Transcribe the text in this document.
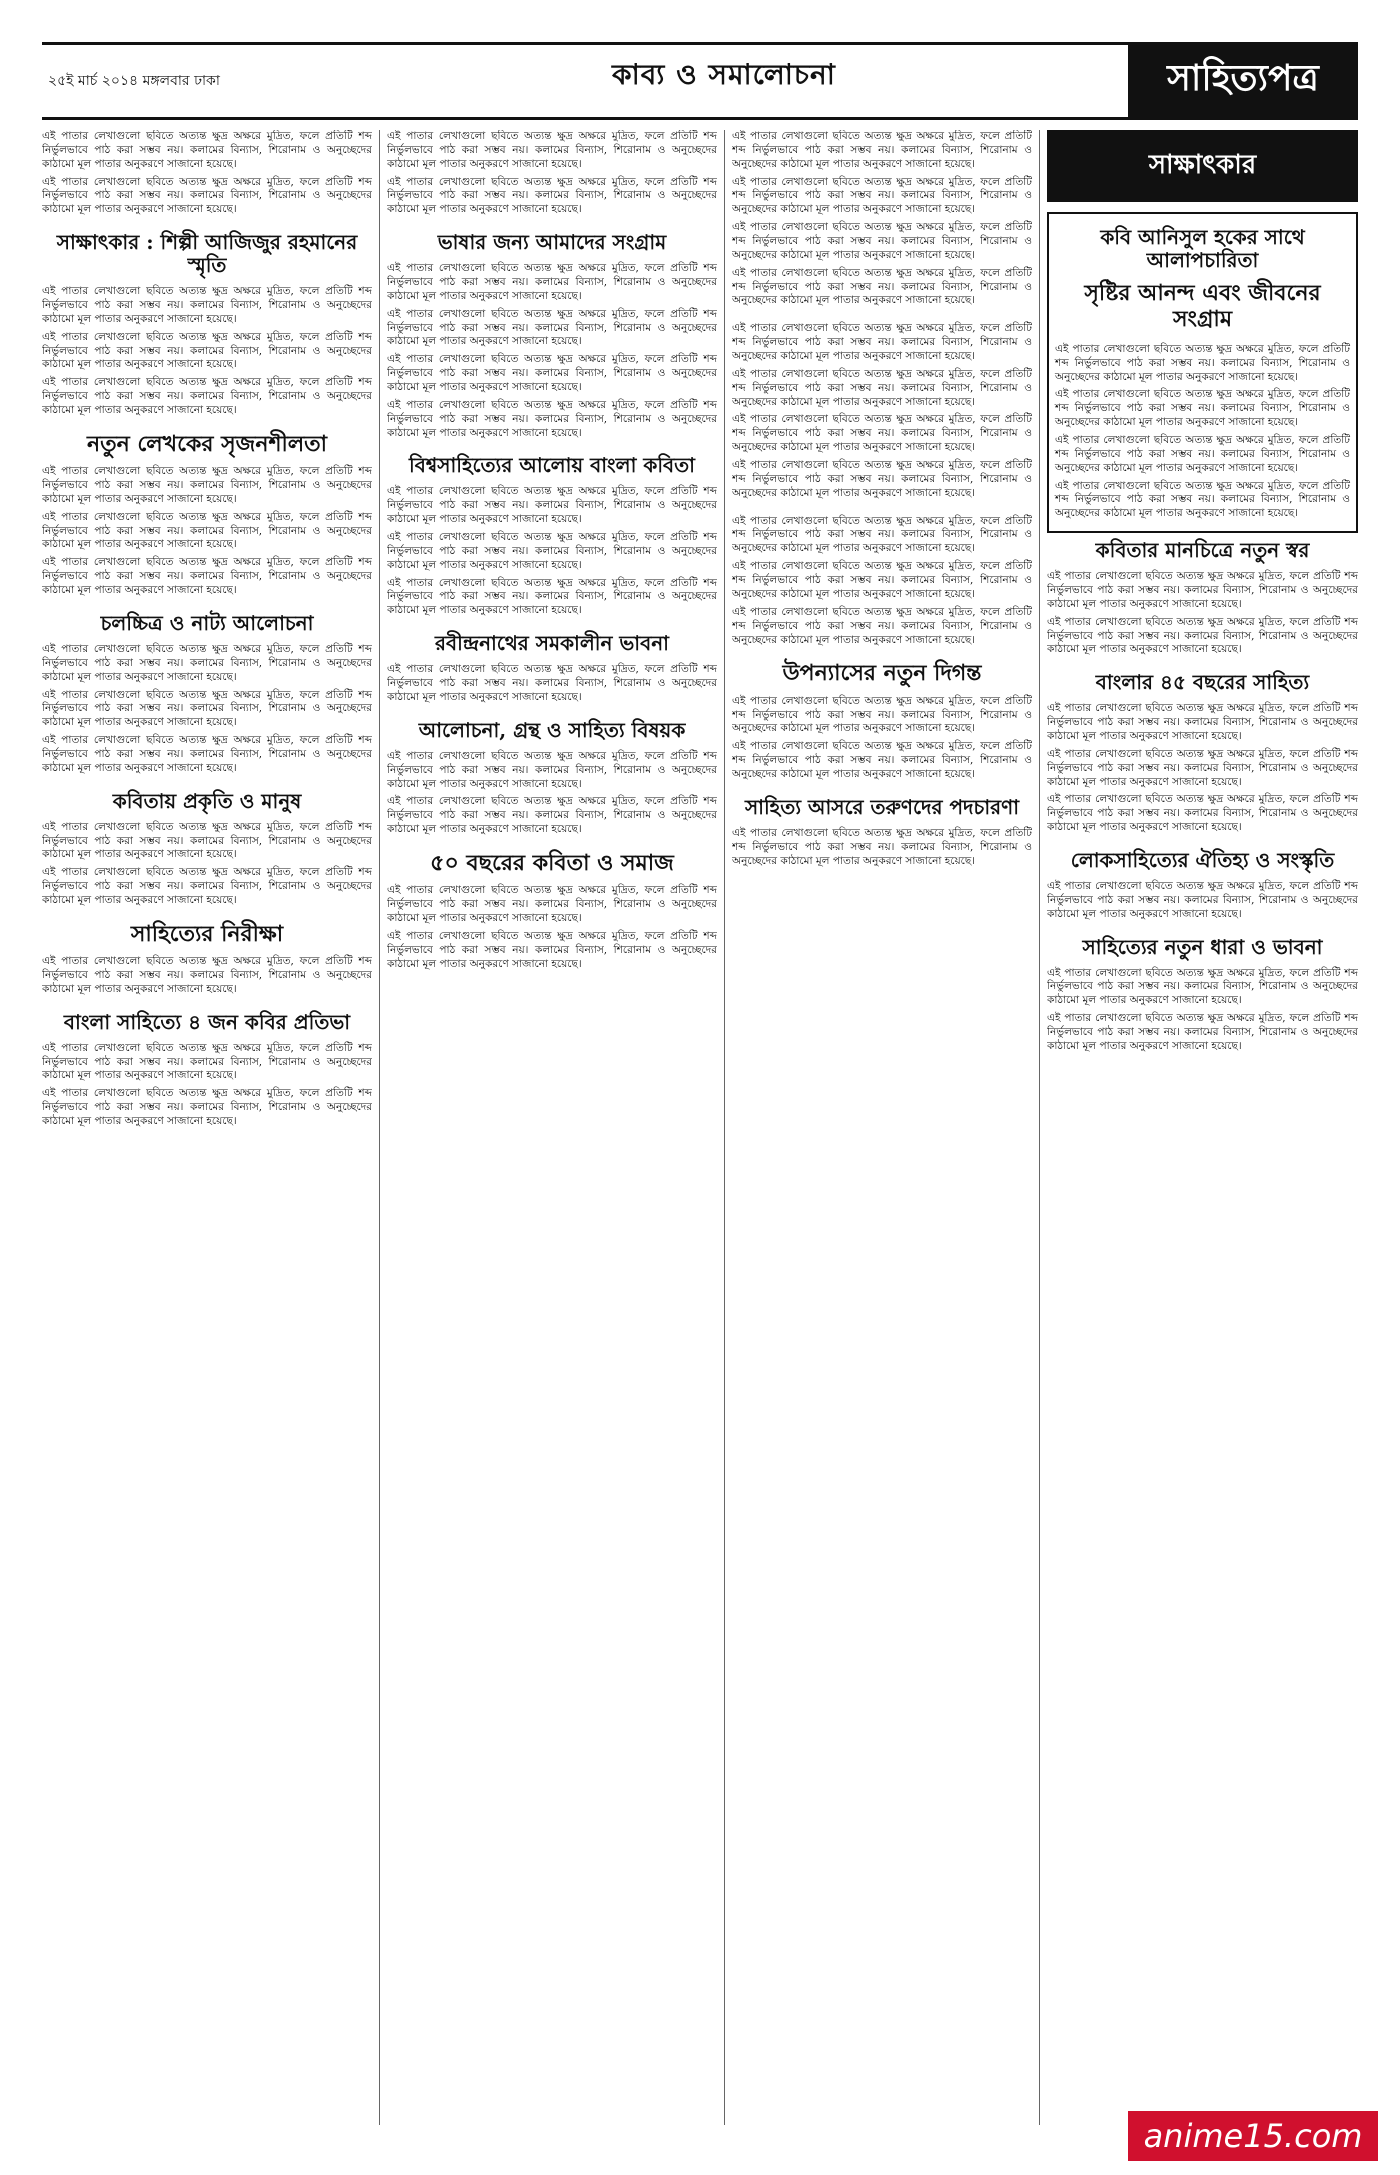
২৫ই মার্চ ২০১৪ মঙ্গলবার ঢাকা	কাব্য ও সমালোচনা	সাহিত্যপত্র

এই পাতার লেখাগুলো ছবিতে অত্যন্ত ক্ষুদ্র অক্ষরে মুদ্রিত, ফলে প্রতিটি শব্দ নির্ভুলভাবে পাঠ করা সম্ভব নয়। কলামের বিন্যাস, শিরোনাম ও অনুচ্ছেদের কাঠামো মূল পাতার অনুকরণে সাজানো হয়েছে।

এই পাতার লেখাগুলো ছবিতে অত্যন্ত ক্ষুদ্র অক্ষরে মুদ্রিত, ফলে প্রতিটি শব্দ নির্ভুলভাবে পাঠ করা সম্ভব নয়। কলামের বিন্যাস, শিরোনাম ও অনুচ্ছেদের কাঠামো মূল পাতার অনুকরণে সাজানো হয়েছে।

সাক্ষাৎকার : শিল্পী আজিজুর রহমানের স্মৃতি

এই পাতার লেখাগুলো ছবিতে অত্যন্ত ক্ষুদ্র অক্ষরে মুদ্রিত, ফলে প্রতিটি শব্দ নির্ভুলভাবে পাঠ করা সম্ভব নয়। কলামের বিন্যাস, শিরোনাম ও অনুচ্ছেদের কাঠামো মূল পাতার অনুকরণে সাজানো হয়েছে।

এই পাতার লেখাগুলো ছবিতে অত্যন্ত ক্ষুদ্র অক্ষরে মুদ্রিত, ফলে প্রতিটি শব্দ নির্ভুলভাবে পাঠ করা সম্ভব নয়। কলামের বিন্যাস, শিরোনাম ও অনুচ্ছেদের কাঠামো মূল পাতার অনুকরণে সাজানো হয়েছে।

এই পাতার লেখাগুলো ছবিতে অত্যন্ত ক্ষুদ্র অক্ষরে মুদ্রিত, ফলে প্রতিটি শব্দ নির্ভুলভাবে পাঠ করা সম্ভব নয়। কলামের বিন্যাস, শিরোনাম ও অনুচ্ছেদের কাঠামো মূল পাতার অনুকরণে সাজানো হয়েছে।

নতুন লেখকের সৃজনশীলতা

এই পাতার লেখাগুলো ছবিতে অত্যন্ত ক্ষুদ্র অক্ষরে মুদ্রিত, ফলে প্রতিটি শব্দ নির্ভুলভাবে পাঠ করা সম্ভব নয়। কলামের বিন্যাস, শিরোনাম ও অনুচ্ছেদের কাঠামো মূল পাতার অনুকরণে সাজানো হয়েছে।

এই পাতার লেখাগুলো ছবিতে অত্যন্ত ক্ষুদ্র অক্ষরে মুদ্রিত, ফলে প্রতিটি শব্দ নির্ভুলভাবে পাঠ করা সম্ভব নয়। কলামের বিন্যাস, শিরোনাম ও অনুচ্ছেদের কাঠামো মূল পাতার অনুকরণে সাজানো হয়েছে।

এই পাতার লেখাগুলো ছবিতে অত্যন্ত ক্ষুদ্র অক্ষরে মুদ্রিত, ফলে প্রতিটি শব্দ নির্ভুলভাবে পাঠ করা সম্ভব নয়। কলামের বিন্যাস, শিরোনাম ও অনুচ্ছেদের কাঠামো মূল পাতার অনুকরণে সাজানো হয়েছে।

চলচ্চিত্র ও নাট্য আলোচনা

এই পাতার লেখাগুলো ছবিতে অত্যন্ত ক্ষুদ্র অক্ষরে মুদ্রিত, ফলে প্রতিটি শব্দ নির্ভুলভাবে পাঠ করা সম্ভব নয়। কলামের বিন্যাস, শিরোনাম ও অনুচ্ছেদের কাঠামো মূল পাতার অনুকরণে সাজানো হয়েছে।

এই পাতার লেখাগুলো ছবিতে অত্যন্ত ক্ষুদ্র অক্ষরে মুদ্রিত, ফলে প্রতিটি শব্দ নির্ভুলভাবে পাঠ করা সম্ভব নয়। কলামের বিন্যাস, শিরোনাম ও অনুচ্ছেদের কাঠামো মূল পাতার অনুকরণে সাজানো হয়েছে।

এই পাতার লেখাগুলো ছবিতে অত্যন্ত ক্ষুদ্র অক্ষরে মুদ্রিত, ফলে প্রতিটি শব্দ নির্ভুলভাবে পাঠ করা সম্ভব নয়। কলামের বিন্যাস, শিরোনাম ও অনুচ্ছেদের কাঠামো মূল পাতার অনুকরণে সাজানো হয়েছে।

কবিতায় প্রকৃতি ও মানুষ

এই পাতার লেখাগুলো ছবিতে অত্যন্ত ক্ষুদ্র অক্ষরে মুদ্রিত, ফলে প্রতিটি শব্দ নির্ভুলভাবে পাঠ করা সম্ভব নয়। কলামের বিন্যাস, শিরোনাম ও অনুচ্ছেদের কাঠামো মূল পাতার অনুকরণে সাজানো হয়েছে।

এই পাতার লেখাগুলো ছবিতে অত্যন্ত ক্ষুদ্র অক্ষরে মুদ্রিত, ফলে প্রতিটি শব্দ নির্ভুলভাবে পাঠ করা সম্ভব নয়। কলামের বিন্যাস, শিরোনাম ও অনুচ্ছেদের কাঠামো মূল পাতার অনুকরণে সাজানো হয়েছে।

সাহিত্যের নিরীক্ষা

এই পাতার লেখাগুলো ছবিতে অত্যন্ত ক্ষুদ্র অক্ষরে মুদ্রিত, ফলে প্রতিটি শব্দ নির্ভুলভাবে পাঠ করা সম্ভব নয়। কলামের বিন্যাস, শিরোনাম ও অনুচ্ছেদের কাঠামো মূল পাতার অনুকরণে সাজানো হয়েছে।

বাংলা সাহিত্যে ৪ জন কবির প্রতিভা

এই পাতার লেখাগুলো ছবিতে অত্যন্ত ক্ষুদ্র অক্ষরে মুদ্রিত, ফলে প্রতিটি শব্দ নির্ভুলভাবে পাঠ করা সম্ভব নয়। কলামের বিন্যাস, শিরোনাম ও অনুচ্ছেদের কাঠামো মূল পাতার অনুকরণে সাজানো হয়েছে।

এই পাতার লেখাগুলো ছবিতে অত্যন্ত ক্ষুদ্র অক্ষরে মুদ্রিত, ফলে প্রতিটি শব্দ নির্ভুলভাবে পাঠ করা সম্ভব নয়। কলামের বিন্যাস, শিরোনাম ও অনুচ্ছেদের কাঠামো মূল পাতার অনুকরণে সাজানো হয়েছে।

এই পাতার লেখাগুলো ছবিতে অত্যন্ত ক্ষুদ্র অক্ষরে মুদ্রিত, ফলে প্রতিটি শব্দ নির্ভুলভাবে পাঠ করা সম্ভব নয়। কলামের বিন্যাস, শিরোনাম ও অনুচ্ছেদের কাঠামো মূল পাতার অনুকরণে সাজানো হয়েছে।

এই পাতার লেখাগুলো ছবিতে অত্যন্ত ক্ষুদ্র অক্ষরে মুদ্রিত, ফলে প্রতিটি শব্দ নির্ভুলভাবে পাঠ করা সম্ভব নয়। কলামের বিন্যাস, শিরোনাম ও অনুচ্ছেদের কাঠামো মূল পাতার অনুকরণে সাজানো হয়েছে।

ভাষার জন্য আমাদের সংগ্রাম

এই পাতার লেখাগুলো ছবিতে অত্যন্ত ক্ষুদ্র অক্ষরে মুদ্রিত, ফলে প্রতিটি শব্দ নির্ভুলভাবে পাঠ করা সম্ভব নয়। কলামের বিন্যাস, শিরোনাম ও অনুচ্ছেদের কাঠামো মূল পাতার অনুকরণে সাজানো হয়েছে।

এই পাতার লেখাগুলো ছবিতে অত্যন্ত ক্ষুদ্র অক্ষরে মুদ্রিত, ফলে প্রতিটি শব্দ নির্ভুলভাবে পাঠ করা সম্ভব নয়। কলামের বিন্যাস, শিরোনাম ও অনুচ্ছেদের কাঠামো মূল পাতার অনুকরণে সাজানো হয়েছে।

এই পাতার লেখাগুলো ছবিতে অত্যন্ত ক্ষুদ্র অক্ষরে মুদ্রিত, ফলে প্রতিটি শব্দ নির্ভুলভাবে পাঠ করা সম্ভব নয়। কলামের বিন্যাস, শিরোনাম ও অনুচ্ছেদের কাঠামো মূল পাতার অনুকরণে সাজানো হয়েছে।

এই পাতার লেখাগুলো ছবিতে অত্যন্ত ক্ষুদ্র অক্ষরে মুদ্রিত, ফলে প্রতিটি শব্দ নির্ভুলভাবে পাঠ করা সম্ভব নয়। কলামের বিন্যাস, শিরোনাম ও অনুচ্ছেদের কাঠামো মূল পাতার অনুকরণে সাজানো হয়েছে।

বিশ্বসাহিত্যের আলোয় বাংলা কবিতা

এই পাতার লেখাগুলো ছবিতে অত্যন্ত ক্ষুদ্র অক্ষরে মুদ্রিত, ফলে প্রতিটি শব্দ নির্ভুলভাবে পাঠ করা সম্ভব নয়। কলামের বিন্যাস, শিরোনাম ও অনুচ্ছেদের কাঠামো মূল পাতার অনুকরণে সাজানো হয়েছে।

এই পাতার লেখাগুলো ছবিতে অত্যন্ত ক্ষুদ্র অক্ষরে মুদ্রিত, ফলে প্রতিটি শব্দ নির্ভুলভাবে পাঠ করা সম্ভব নয়। কলামের বিন্যাস, শিরোনাম ও অনুচ্ছেদের কাঠামো মূল পাতার অনুকরণে সাজানো হয়েছে।

এই পাতার লেখাগুলো ছবিতে অত্যন্ত ক্ষুদ্র অক্ষরে মুদ্রিত, ফলে প্রতিটি শব্দ নির্ভুলভাবে পাঠ করা সম্ভব নয়। কলামের বিন্যাস, শিরোনাম ও অনুচ্ছেদের কাঠামো মূল পাতার অনুকরণে সাজানো হয়েছে।

রবীন্দ্রনাথের সমকালীন ভাবনা

এই পাতার লেখাগুলো ছবিতে অত্যন্ত ক্ষুদ্র অক্ষরে মুদ্রিত, ফলে প্রতিটি শব্দ নির্ভুলভাবে পাঠ করা সম্ভব নয়। কলামের বিন্যাস, শিরোনাম ও অনুচ্ছেদের কাঠামো মূল পাতার অনুকরণে সাজানো হয়েছে।

আলোচনা, গ্রন্থ ও সাহিত্য বিষয়ক

এই পাতার লেখাগুলো ছবিতে অত্যন্ত ক্ষুদ্র অক্ষরে মুদ্রিত, ফলে প্রতিটি শব্দ নির্ভুলভাবে পাঠ করা সম্ভব নয়। কলামের বিন্যাস, শিরোনাম ও অনুচ্ছেদের কাঠামো মূল পাতার অনুকরণে সাজানো হয়েছে।

এই পাতার লেখাগুলো ছবিতে অত্যন্ত ক্ষুদ্র অক্ষরে মুদ্রিত, ফলে প্রতিটি শব্দ নির্ভুলভাবে পাঠ করা সম্ভব নয়। কলামের বিন্যাস, শিরোনাম ও অনুচ্ছেদের কাঠামো মূল পাতার অনুকরণে সাজানো হয়েছে।

৫০ বছরের কবিতা ও সমাজ

এই পাতার লেখাগুলো ছবিতে অত্যন্ত ক্ষুদ্র অক্ষরে মুদ্রিত, ফলে প্রতিটি শব্দ নির্ভুলভাবে পাঠ করা সম্ভব নয়। কলামের বিন্যাস, শিরোনাম ও অনুচ্ছেদের কাঠামো মূল পাতার অনুকরণে সাজানো হয়েছে।

এই পাতার লেখাগুলো ছবিতে অত্যন্ত ক্ষুদ্র অক্ষরে মুদ্রিত, ফলে প্রতিটি শব্দ নির্ভুলভাবে পাঠ করা সম্ভব নয়। কলামের বিন্যাস, শিরোনাম ও অনুচ্ছেদের কাঠামো মূল পাতার অনুকরণে সাজানো হয়েছে।

এই পাতার লেখাগুলো ছবিতে অত্যন্ত ক্ষুদ্র অক্ষরে মুদ্রিত, ফলে প্রতিটি শব্দ নির্ভুলভাবে পাঠ করা সম্ভব নয়। কলামের বিন্যাস, শিরোনাম ও অনুচ্ছেদের কাঠামো মূল পাতার অনুকরণে সাজানো হয়েছে।

এই পাতার লেখাগুলো ছবিতে অত্যন্ত ক্ষুদ্র অক্ষরে মুদ্রিত, ফলে প্রতিটি শব্দ নির্ভুলভাবে পাঠ করা সম্ভব নয়। কলামের বিন্যাস, শিরোনাম ও অনুচ্ছেদের কাঠামো মূল পাতার অনুকরণে সাজানো হয়েছে।

এই পাতার লেখাগুলো ছবিতে অত্যন্ত ক্ষুদ্র অক্ষরে মুদ্রিত, ফলে প্রতিটি শব্দ নির্ভুলভাবে পাঠ করা সম্ভব নয়। কলামের বিন্যাস, শিরোনাম ও অনুচ্ছেদের কাঠামো মূল পাতার অনুকরণে সাজানো হয়েছে।

এই পাতার লেখাগুলো ছবিতে অত্যন্ত ক্ষুদ্র অক্ষরে মুদ্রিত, ফলে প্রতিটি শব্দ নির্ভুলভাবে পাঠ করা সম্ভব নয়। কলামের বিন্যাস, শিরোনাম ও অনুচ্ছেদের কাঠামো মূল পাতার অনুকরণে সাজানো হয়েছে।

এই পাতার লেখাগুলো ছবিতে অত্যন্ত ক্ষুদ্র অক্ষরে মুদ্রিত, ফলে প্রতিটি শব্দ নির্ভুলভাবে পাঠ করা সম্ভব নয়। কলামের বিন্যাস, শিরোনাম ও অনুচ্ছেদের কাঠামো মূল পাতার অনুকরণে সাজানো হয়েছে।

এই পাতার লেখাগুলো ছবিতে অত্যন্ত ক্ষুদ্র অক্ষরে মুদ্রিত, ফলে প্রতিটি শব্দ নির্ভুলভাবে পাঠ করা সম্ভব নয়। কলামের বিন্যাস, শিরোনাম ও অনুচ্ছেদের কাঠামো মূল পাতার অনুকরণে সাজানো হয়েছে।

এই পাতার লেখাগুলো ছবিতে অত্যন্ত ক্ষুদ্র অক্ষরে মুদ্রিত, ফলে প্রতিটি শব্দ নির্ভুলভাবে পাঠ করা সম্ভব নয়। কলামের বিন্যাস, শিরোনাম ও অনুচ্ছেদের কাঠামো মূল পাতার অনুকরণে সাজানো হয়েছে।

এই পাতার লেখাগুলো ছবিতে অত্যন্ত ক্ষুদ্র অক্ষরে মুদ্রিত, ফলে প্রতিটি শব্দ নির্ভুলভাবে পাঠ করা সম্ভব নয়। কলামের বিন্যাস, শিরোনাম ও অনুচ্ছেদের কাঠামো মূল পাতার অনুকরণে সাজানো হয়েছে।

এই পাতার লেখাগুলো ছবিতে অত্যন্ত ক্ষুদ্র অক্ষরে মুদ্রিত, ফলে প্রতিটি শব্দ নির্ভুলভাবে পাঠ করা সম্ভব নয়। কলামের বিন্যাস, শিরোনাম ও অনুচ্ছেদের কাঠামো মূল পাতার অনুকরণে সাজানো হয়েছে।

এই পাতার লেখাগুলো ছবিতে অত্যন্ত ক্ষুদ্র অক্ষরে মুদ্রিত, ফলে প্রতিটি শব্দ নির্ভুলভাবে পাঠ করা সম্ভব নয়। কলামের বিন্যাস, শিরোনাম ও অনুচ্ছেদের কাঠামো মূল পাতার অনুকরণে সাজানো হয়েছে।

এই পাতার লেখাগুলো ছবিতে অত্যন্ত ক্ষুদ্র অক্ষরে মুদ্রিত, ফলে প্রতিটি শব্দ নির্ভুলভাবে পাঠ করা সম্ভব নয়। কলামের বিন্যাস, শিরোনাম ও অনুচ্ছেদের কাঠামো মূল পাতার অনুকরণে সাজানো হয়েছে।

উপন্যাসের নতুন দিগন্ত

এই পাতার লেখাগুলো ছবিতে অত্যন্ত ক্ষুদ্র অক্ষরে মুদ্রিত, ফলে প্রতিটি শব্দ নির্ভুলভাবে পাঠ করা সম্ভব নয়। কলামের বিন্যাস, শিরোনাম ও অনুচ্ছেদের কাঠামো মূল পাতার অনুকরণে সাজানো হয়েছে।

এই পাতার লেখাগুলো ছবিতে অত্যন্ত ক্ষুদ্র অক্ষরে মুদ্রিত, ফলে প্রতিটি শব্দ নির্ভুলভাবে পাঠ করা সম্ভব নয়। কলামের বিন্যাস, শিরোনাম ও অনুচ্ছেদের কাঠামো মূল পাতার অনুকরণে সাজানো হয়েছে।

সাহিত্য আসরে তরুণদের পদচারণা

এই পাতার লেখাগুলো ছবিতে অত্যন্ত ক্ষুদ্র অক্ষরে মুদ্রিত, ফলে প্রতিটি শব্দ নির্ভুলভাবে পাঠ করা সম্ভব নয়। কলামের বিন্যাস, শিরোনাম ও অনুচ্ছেদের কাঠামো মূল পাতার অনুকরণে সাজানো হয়েছে।

সাক্ষাৎকার
কবি আনিসুল হকের সাথে আলাপচারিতা
সৃষ্টির আনন্দ এবং জীবনের সংগ্রাম

এই পাতার লেখাগুলো ছবিতে অত্যন্ত ক্ষুদ্র অক্ষরে মুদ্রিত, ফলে প্রতিটি শব্দ নির্ভুলভাবে পাঠ করা সম্ভব নয়। কলামের বিন্যাস, শিরোনাম ও অনুচ্ছেদের কাঠামো মূল পাতার অনুকরণে সাজানো হয়েছে।

এই পাতার লেখাগুলো ছবিতে অত্যন্ত ক্ষুদ্র অক্ষরে মুদ্রিত, ফলে প্রতিটি শব্দ নির্ভুলভাবে পাঠ করা সম্ভব নয়। কলামের বিন্যাস, শিরোনাম ও অনুচ্ছেদের কাঠামো মূল পাতার অনুকরণে সাজানো হয়েছে।

এই পাতার লেখাগুলো ছবিতে অত্যন্ত ক্ষুদ্র অক্ষরে মুদ্রিত, ফলে প্রতিটি শব্দ নির্ভুলভাবে পাঠ করা সম্ভব নয়। কলামের বিন্যাস, শিরোনাম ও অনুচ্ছেদের কাঠামো মূল পাতার অনুকরণে সাজানো হয়েছে।

এই পাতার লেখাগুলো ছবিতে অত্যন্ত ক্ষুদ্র অক্ষরে মুদ্রিত, ফলে প্রতিটি শব্দ নির্ভুলভাবে পাঠ করা সম্ভব নয়। কলামের বিন্যাস, শিরোনাম ও অনুচ্ছেদের কাঠামো মূল পাতার অনুকরণে সাজানো হয়েছে।

কবিতার মানচিত্রে নতুন স্বর

এই পাতার লেখাগুলো ছবিতে অত্যন্ত ক্ষুদ্র অক্ষরে মুদ্রিত, ফলে প্রতিটি শব্দ নির্ভুলভাবে পাঠ করা সম্ভব নয়। কলামের বিন্যাস, শিরোনাম ও অনুচ্ছেদের কাঠামো মূল পাতার অনুকরণে সাজানো হয়েছে।

এই পাতার লেখাগুলো ছবিতে অত্যন্ত ক্ষুদ্র অক্ষরে মুদ্রিত, ফলে প্রতিটি শব্দ নির্ভুলভাবে পাঠ করা সম্ভব নয়। কলামের বিন্যাস, শিরোনাম ও অনুচ্ছেদের কাঠামো মূল পাতার অনুকরণে সাজানো হয়েছে।

বাংলার ৪৫ বছরের সাহিত্য

এই পাতার লেখাগুলো ছবিতে অত্যন্ত ক্ষুদ্র অক্ষরে মুদ্রিত, ফলে প্রতিটি শব্দ নির্ভুলভাবে পাঠ করা সম্ভব নয়। কলামের বিন্যাস, শিরোনাম ও অনুচ্ছেদের কাঠামো মূল পাতার অনুকরণে সাজানো হয়েছে।

এই পাতার লেখাগুলো ছবিতে অত্যন্ত ক্ষুদ্র অক্ষরে মুদ্রিত, ফলে প্রতিটি শব্দ নির্ভুলভাবে পাঠ করা সম্ভব নয়। কলামের বিন্যাস, শিরোনাম ও অনুচ্ছেদের কাঠামো মূল পাতার অনুকরণে সাজানো হয়েছে।

এই পাতার লেখাগুলো ছবিতে অত্যন্ত ক্ষুদ্র অক্ষরে মুদ্রিত, ফলে প্রতিটি শব্দ নির্ভুলভাবে পাঠ করা সম্ভব নয়। কলামের বিন্যাস, শিরোনাম ও অনুচ্ছেদের কাঠামো মূল পাতার অনুকরণে সাজানো হয়েছে।

লোকসাহিত্যের ঐতিহ্য ও সংস্কৃতি

এই পাতার লেখাগুলো ছবিতে অত্যন্ত ক্ষুদ্র অক্ষরে মুদ্রিত, ফলে প্রতিটি শব্দ নির্ভুলভাবে পাঠ করা সম্ভব নয়। কলামের বিন্যাস, শিরোনাম ও অনুচ্ছেদের কাঠামো মূল পাতার অনুকরণে সাজানো হয়েছে।

সাহিত্যের নতুন ধারা ও ভাবনা

এই পাতার লেখাগুলো ছবিতে অত্যন্ত ক্ষুদ্র অক্ষরে মুদ্রিত, ফলে প্রতিটি শব্দ নির্ভুলভাবে পাঠ করা সম্ভব নয়। কলামের বিন্যাস, শিরোনাম ও অনুচ্ছেদের কাঠামো মূল পাতার অনুকরণে সাজানো হয়েছে।

এই পাতার লেখাগুলো ছবিতে অত্যন্ত ক্ষুদ্র অক্ষরে মুদ্রিত, ফলে প্রতিটি শব্দ নির্ভুলভাবে পাঠ করা সম্ভব নয়। কলামের বিন্যাস, শিরোনাম ও অনুচ্ছেদের কাঠামো মূল পাতার অনুকরণে সাজানো হয়েছে।

anime15.com
